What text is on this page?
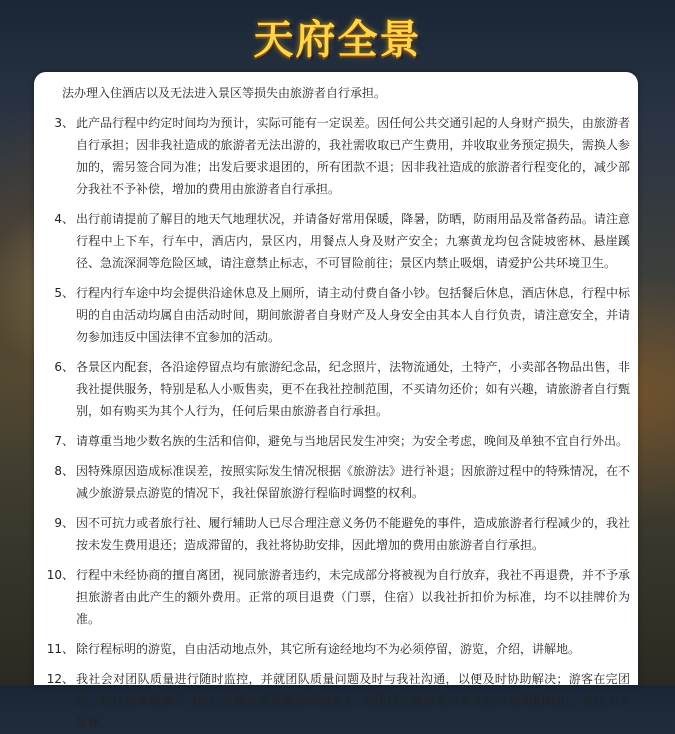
天府全景
法办理入住酒店以及无法进入景区等损失由旅游者自行承担。
3、 此产品行程中约定时间均为预计，实际可能有一定误差。因任何公共交通引起的人身财产损失，由旅游者自行承担；因非我社造成的旅游者无法出游的，我社需收取已产生费用，并收取业务预定损失，需换人参加的，需另签合同为准；出发后要求退团的，所有团款不退；因非我社造成的旅游者行程变化的，减少部分我社不予补偿，增加的费用由旅游者自行承担。
4、 出行前请提前了解目的地天气地理状况，并请备好常用保暖，降暑，防晒，防雨用品及常备药品。请注意行程中上下车，行车中，酒店内，景区内，用餐点人身及财产安全；九寨黄龙均包含陡坡密林、悬崖蹊径、急流深洞等危险区域，请注意禁止标志，不可冒险前往；景区内禁止吸烟，请爱护公共环境卫生。
5、 行程内行车途中均会提供沿途休息及上厕所，请主动付费自备小钞。包括餐后休息，酒店休息，行程中标明的自由活动均属自由活动时间，期间旅游者自身财产及人身安全由其本人自行负责，请注意安全，并请勿参加违反中国法律不宜参加的活动。
6、 各景区内配套，各沿途停留点均有旅游纪念品，纪念照片，法物流通处，土特产，小卖部各物品出售，非我社提供服务，特别是私人小贩售卖，更不在我社控制范围，不买请勿还价；如有兴趣，请旅游者自行甄别，如有购买为其个人行为，任何后果由旅游者自行承担。
7、 请尊重当地少数名族的生活和信仰，避免与当地居民发生冲突；为安全考虑，晚间及单独不宜自行外出。
8、 因特殊原因造成标准误差，按照实际发生情况根据《旅游法》进行补退；因旅游过程中的特殊情况，在不减少旅游景点游览的情况下，我社保留旅游行程临时调整的权利。
9、 因不可抗力或者旅行社、履行辅助人已尽合理注意义务仍不能避免的事件，造成旅游者行程减少的，我社按未发生费用退还；造成滞留的，我社将协助安排，因此增加的费用由旅游者自行承担。
10、 行程中未经协商的擅自离团，视同旅游者违约，未完成部分将被视为自行放弃，我社不再退费，并不予承担旅游者由此产生的额外费用。正常的项目退费（门票，住宿）以我社折扣价为标准，均不以挂牌价为准。
11、 除行程标明的游览，自由活动地点外，其它所有途经地均不为必须停留，游览，介绍，讲解地。
12、 我社会对团队质量进行随时监控，并就团队质量问题及时与我社沟通，以便及时协助解决；游客在完团前，请认真客观填写《旅行社服务质量跟踪调查表》，完团后反馈意见与本人签字意见相悖的，我社不予处理。
